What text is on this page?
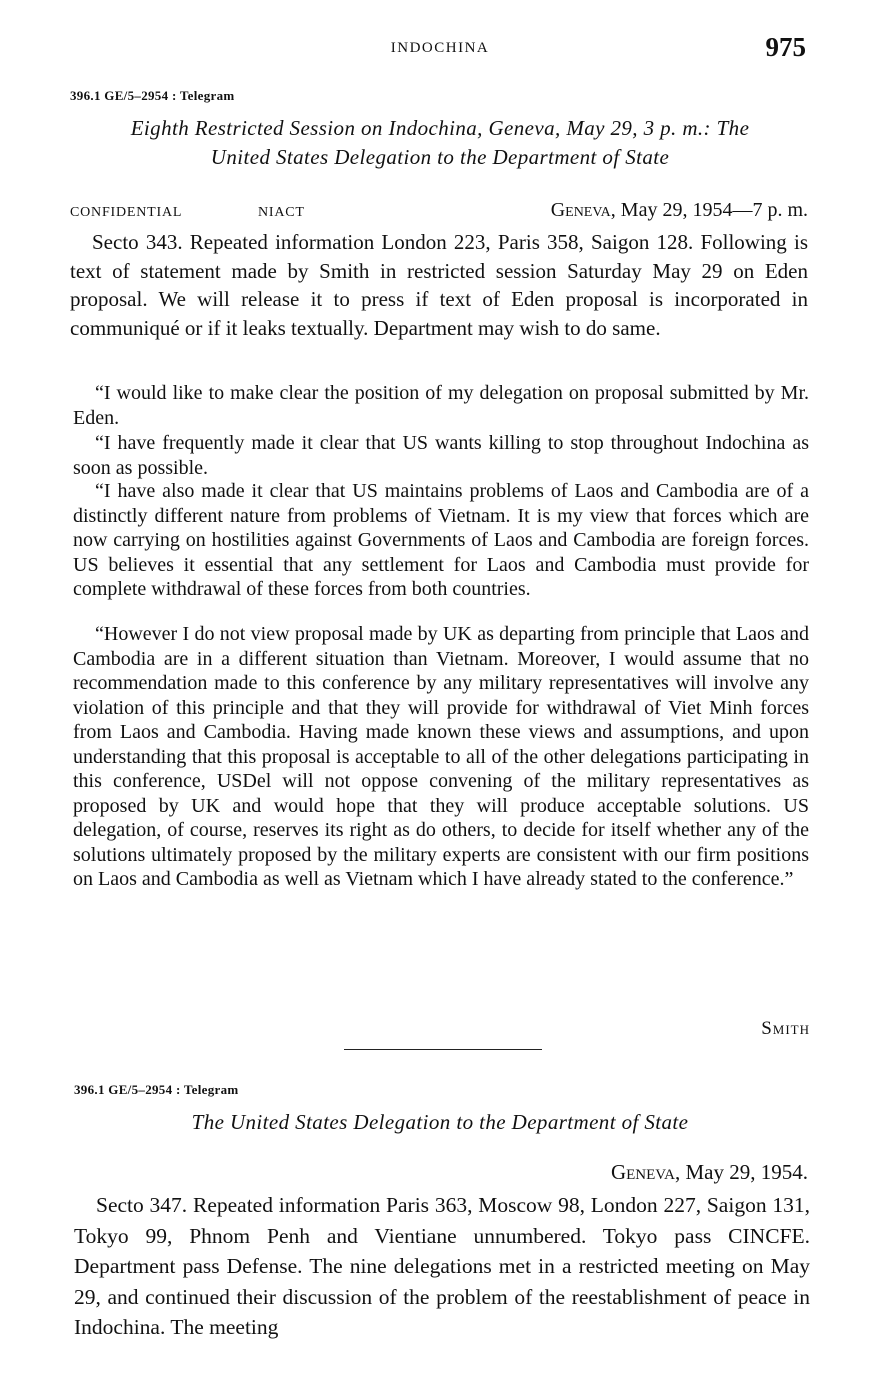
INDOCHINA	975
396.1 GE/5–2954 : Telegram
Eighth Restricted Session on Indochina, Geneva, May 29, 3 p. m.: The
United States Delegation to the Department of State
CONFIDENTIAL	NIACT	Geneva, May 29, 1954—7 p. m.
Secto 343. Repeated information London 223, Paris 358, Saigon 128. Following is text of statement made by Smith in restricted session Saturday May 29 on Eden proposal. We will release it to press if text of Eden proposal is incorporated in communiqué or if it leaks textually. Department may wish to do same.
“I would like to make clear the position of my delegation on proposal submitted by Mr. Eden.
“I have frequently made it clear that US wants killing to stop throughout Indochina as soon as possible.
“I have also made it clear that US maintains problems of Laos and Cambodia are of a distinctly different nature from problems of Vietnam. It is my view that forces which are now carrying on hostilities against Governments of Laos and Cambodia are foreign forces. US believes it essential that any settlement for Laos and Cambodia must provide for complete withdrawal of these forces from both countries.
“However I do not view proposal made by UK as departing from principle that Laos and Cambodia are in a different situation than Vietnam. Moreover, I would assume that no recommendation made to this conference by any military representatives will involve any violation of this principle and that they will provide for withdrawal of Viet Minh forces from Laos and Cambodia. Having made known these views and assumptions, and upon understanding that this proposal is acceptable to all of the other delegations participating in this conference, USDel will not oppose convening of the military representatives as proposed by UK and would hope that they will produce acceptable solutions. US delegation, of course, reserves its right as do others, to decide for itself whether any of the solutions ultimately proposed by the military experts are consistent with our firm positions on Laos and Cambodia as well as Vietnam which I have already stated to the conference.”
Smith
396.1 GE/5–2954 : Telegram
The United States Delegation to the Department of State
Geneva, May 29, 1954.
Secto 347. Repeated information Paris 363, Moscow 98, London 227, Saigon 131, Tokyo 99, Phnom Penh and Vientiane unnumbered. Tokyo pass CINCFE. Department pass Defense. The nine delegations met in a restricted meeting on May 29, and continued their discussion of the problem of the reestablishment of peace in Indochina. The meeting
